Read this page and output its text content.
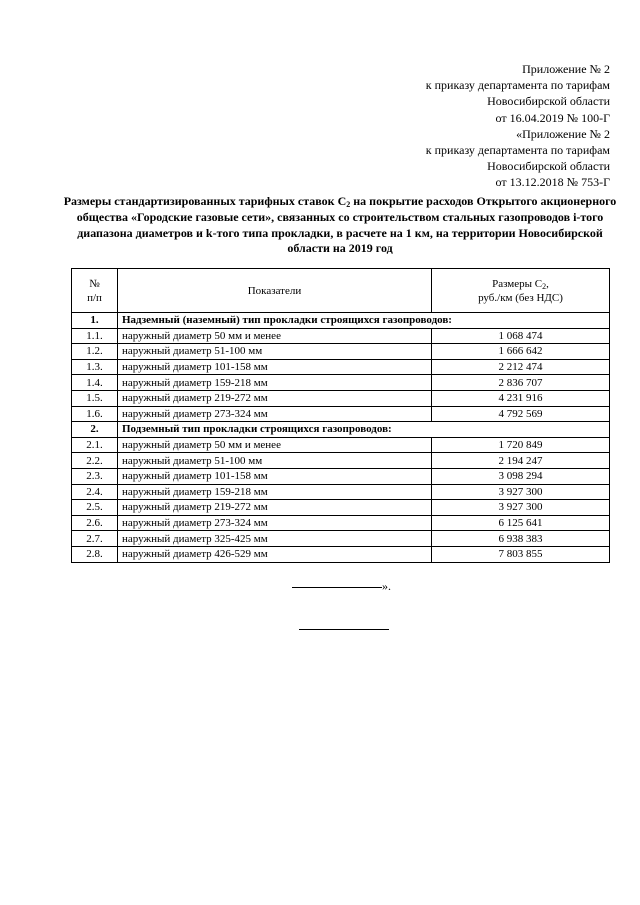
Приложение № 2
к приказу департамента по тарифам
Новосибирской области
от 16.04.2019 № 100-Г
«Приложение № 2
к приказу департамента по тарифам
Новосибирской области
от 13.12.2018 № 753-Г
Размеры стандартизированных тарифных ставок $С_2$ на покрытие расходов Открытого акционерного общества «Городские газовые сети», связанных со строительством стальных газопроводов i-того диапазона диаметров и k-того типа прокладки, в расчете на 1 км, на территории Новосибирской области на 2019 год
№
п/п	Показатели	Размеры $С_2$,
руб./км (без НДС)
1.	Надземный (наземный) тип прокладки строящихся газопроводов:	
1.1.	наружный диаметр 50 мм и менее	1 068 474
1.2.	наружный диаметр 51-100 мм	1 666 642
1.3.	наружный диаметр 101-158 мм	2 212 474
1.4.	наружный диаметр 159-218 мм	2 836 707
1.5.	наружный диаметр 219-272 мм	4 231 916
1.6.	наружный диаметр 273-324 мм	4 792 569
2.	Подземный тип прокладки строящихся газопроводов:	
2.1.	наружный диаметр 50 мм и менее	1 720 849
2.2.	наружный диаметр 51-100 мм	2 194 247
2.3.	наружный диаметр 101-158 мм	3 098 294
2.4.	наружный диаметр 159-218 мм	3 927 300
2.5.	наружный диаметр 219-272 мм	3 927 300
2.6.	наружный диаметр 273-324 мм	6 125 641
2.7.	наружный диаметр 325-425 мм	6 938 383
2.8.	наружный диаметр 426-529 мм	7 803 855
».
